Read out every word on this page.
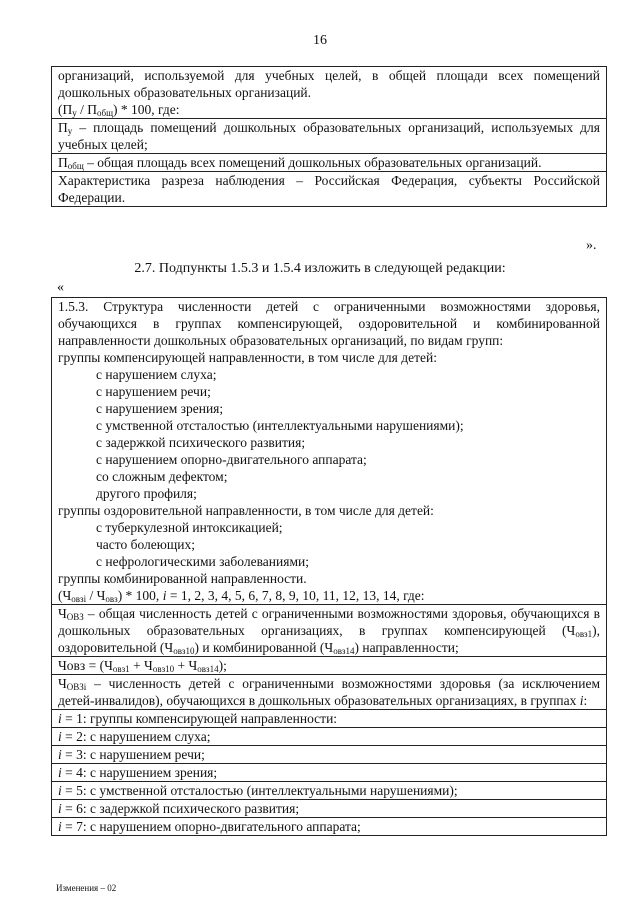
16
организаций, используемой для учебных целей, в общей площади всех помещений дошкольных образовательных организаций.
$(П_у / П_{общ}) * 100$, где:
$П_у$ – площадь помещений дошкольных образовательных организаций, используемых для учебных целей;
$П_{общ}$ – общая площадь всех помещений дошкольных образовательных организаций.
Характеристика разреза наблюдения – Российская Федерация, субъекты Российской Федерации.
».
2.7. Подпункты 1.5.3 и 1.5.4 изложить в следующей редакции:
«
1.5.3. Структура численности детей с ограниченными возможностями здоровья, обучающихся в группах компенсирующей, оздоровительной и комбинированной направленности дошкольных образовательных организаций, по видам групп:
группы компенсирующей направленности, в том числе для детей:
с нарушением слуха;
с нарушением речи;
с нарушением зрения;
с умственной отсталостью (интеллектуальными нарушениями);
с задержкой психического развития;
с нарушением опорно-двигательного аппарата;
со сложным дефектом;
другого профиля;
группы оздоровительной направленности, в том числе для детей:
с туберкулезной интоксикацией;
часто болеющих;
с нефрологическими заболеваниями;
группы комбинированной направленности.
$(Ч_{овзi} / Ч_{овз}) * 100$, i = 1, 2, 3, 4, 5, 6, 7, 8, 9, 10, 11, 12, 13, 14, где:
$Ч_{ОВЗ}$ – общая численность детей с ограниченными возможностями здоровья, обучающихся в дошкольных образовательных организациях, в группах компенсирующей $(Ч_{овз1})$, оздоровительной $(Ч_{овз10})$ и комбинированной $(Ч_{овз14})$ направленности;
Човз = $(Ч_{овз1} + Ч_{овз10} + Ч_{овз14})$;
$Ч_{ОВЗi}$ – численность детей с ограниченными возможностями здоровья (за исключением детей-инвалидов), обучающихся в дошкольных образовательных организациях, в группах i:
i = 1: группы компенсирующей направленности:
i = 2: с нарушением слуха;
i = 3: с нарушением речи;
i = 4: с нарушением зрения;
i = 5: с умственной отсталостью (интеллектуальными нарушениями);
i = 6: с задержкой психического развития;
i = 7: с нарушением опорно-двигательного аппарата;
Изменения – 02
